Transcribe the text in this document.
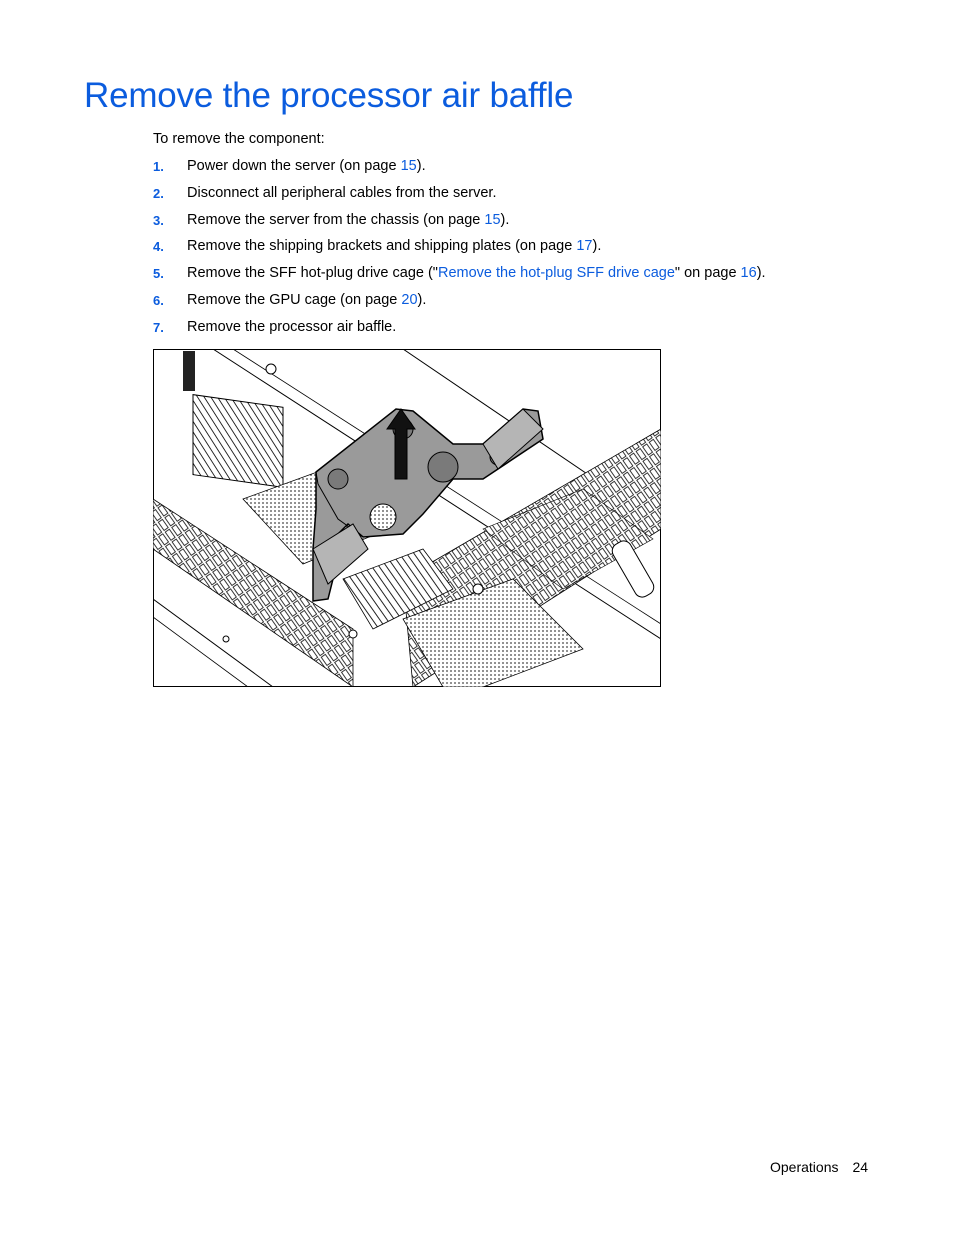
Remove the processor air baffle
To remove the component:
1. Power down the server (on page 15).
2. Disconnect all peripheral cables from the server.
3. Remove the server from the chassis (on page 15).
4. Remove the shipping brackets and shipping plates (on page 17).
5. Remove the SFF hot-plug drive cage ("Remove the hot-plug SFF drive cage" on page 16).
6. Remove the GPU cage (on page 20).
7. Remove the processor air baffle.
Operations 24
